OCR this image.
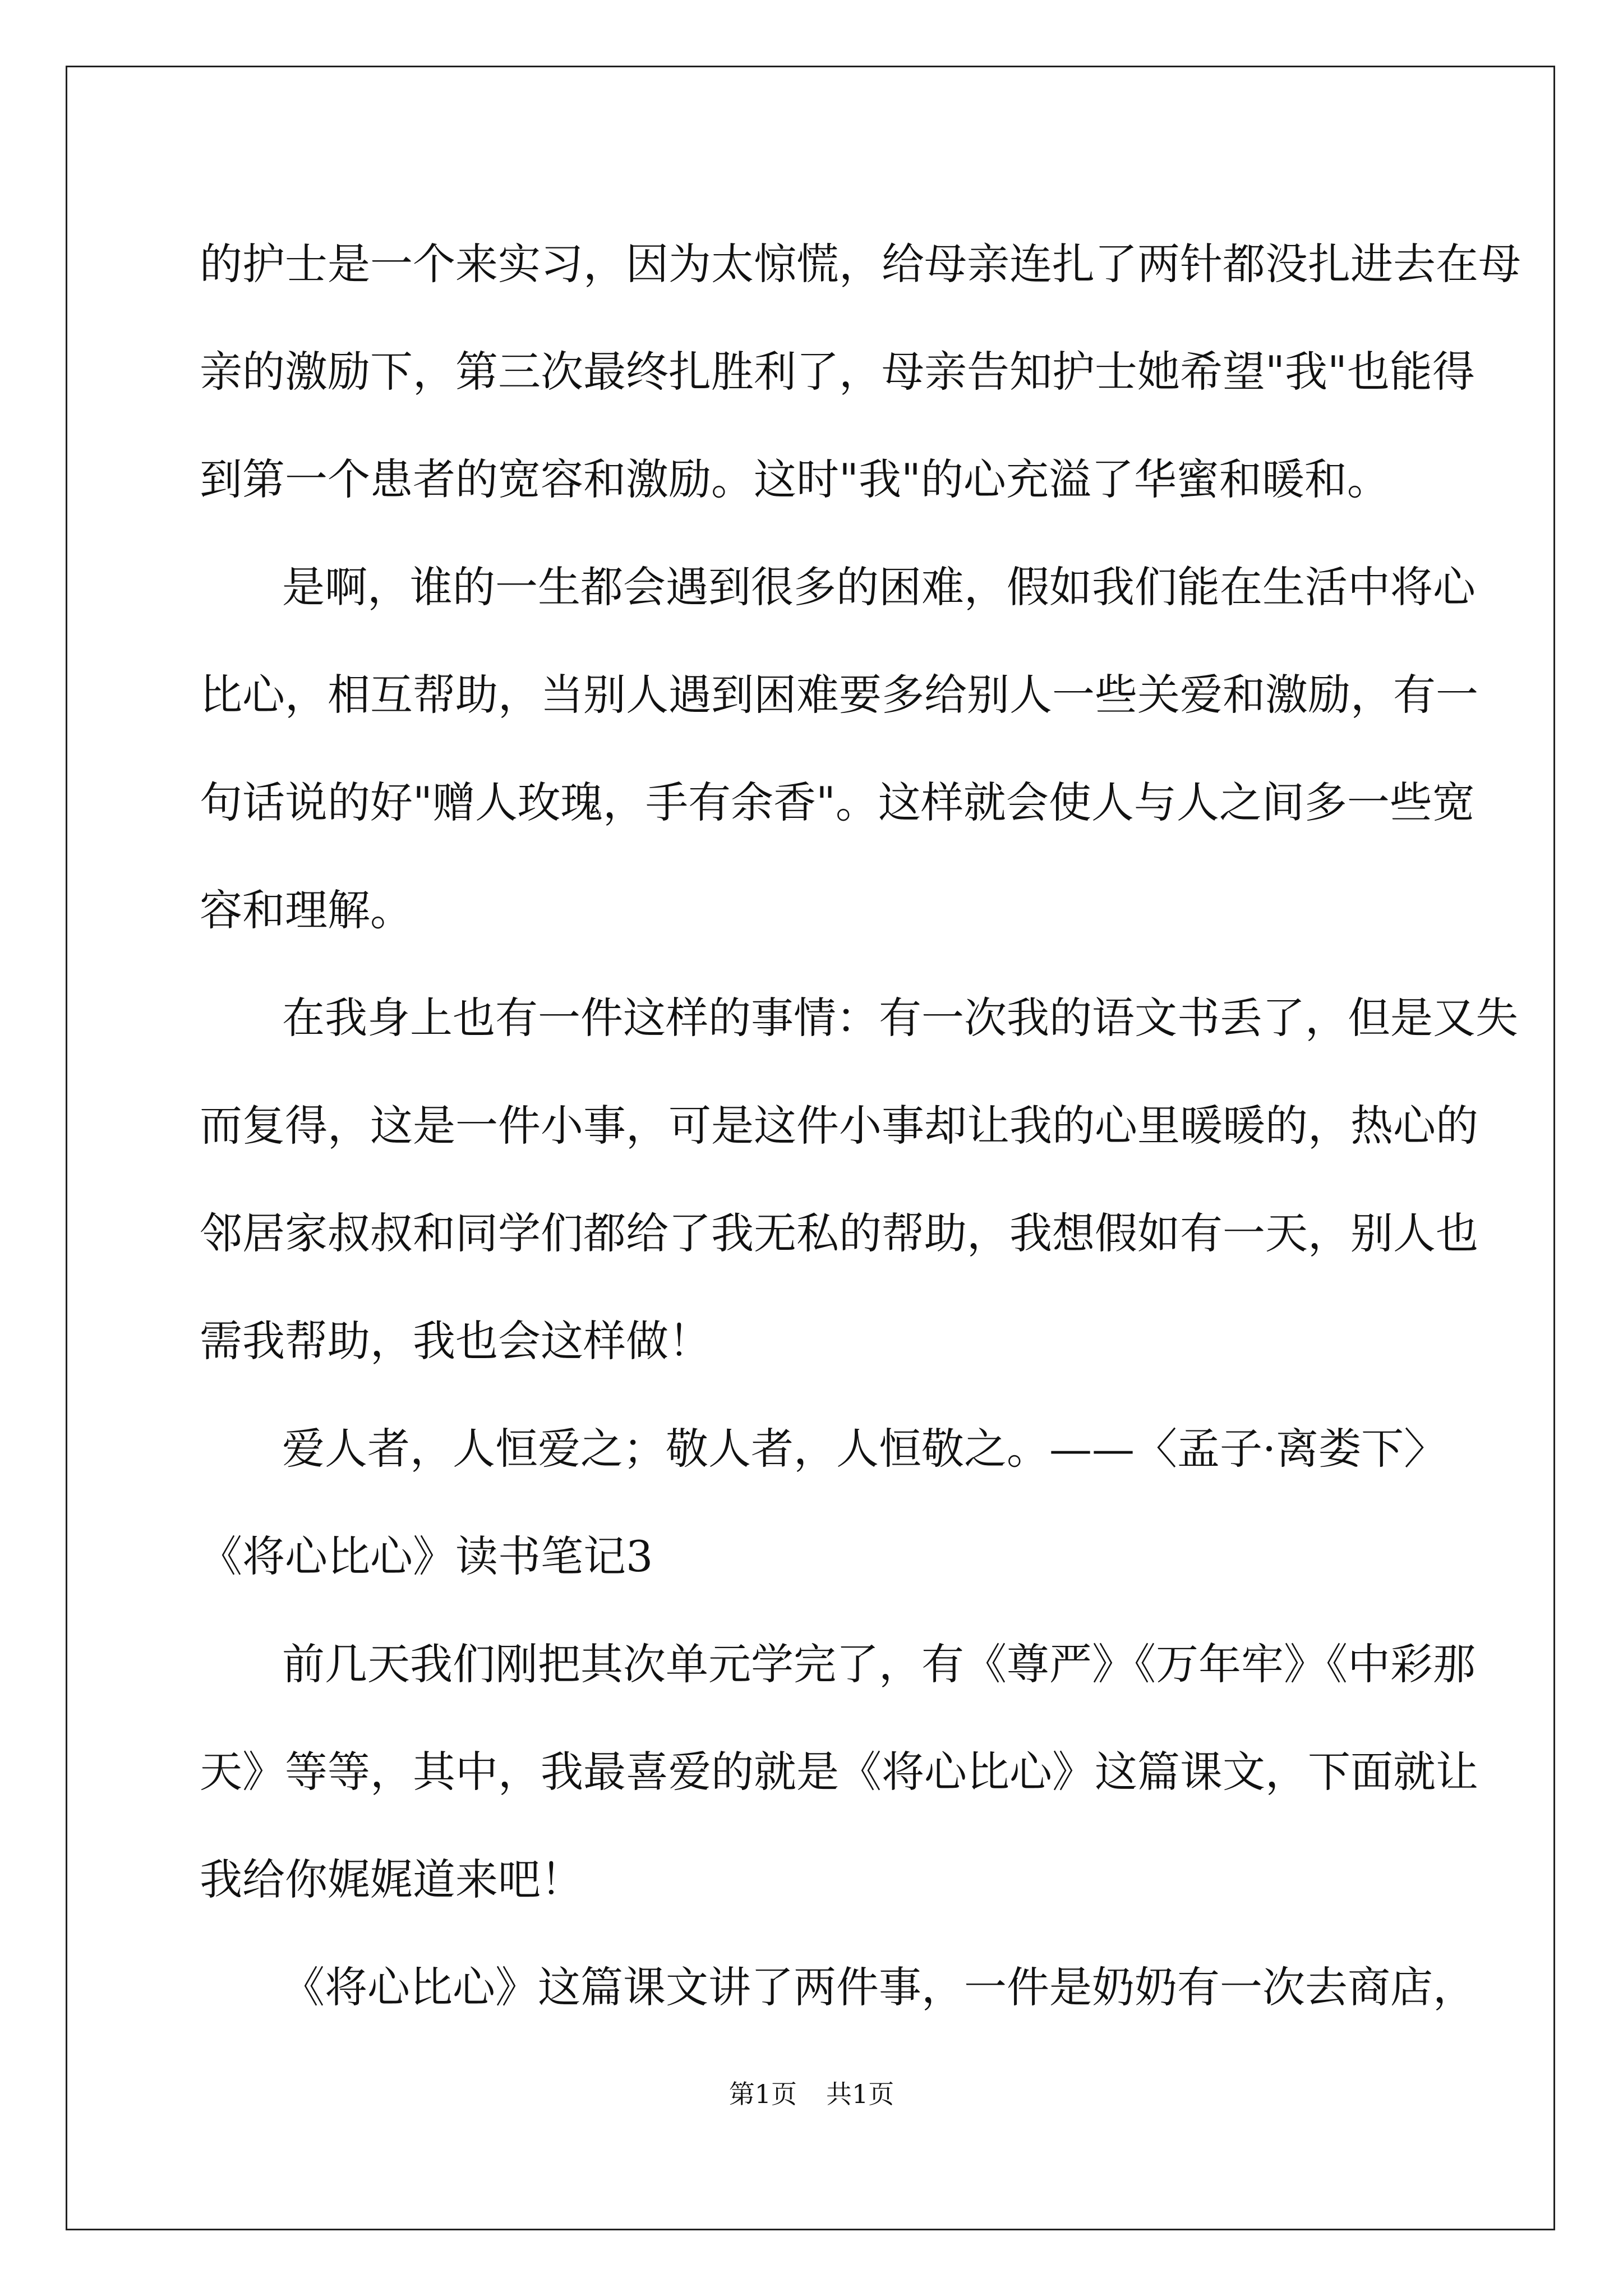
的护士是一个来实习，因为太惊慌，给母亲连扎了两针都没扎进去在母
亲的激励下，第三次最终扎胜利了，母亲告知护士她希望"我"也能得
到第一个患者的宽容和激励。这时"我"的心充溢了华蜜和暖和。
是啊，谁的一生都会遇到很多的困难，假如我们能在生活中将心
比心，相互帮助，当别人遇到困难要多给别人一些关爱和激励，有一
句话说的好"赠人玫瑰，手有余香"。这样就会使人与人之间多一些宽
容和理解。
在我身上也有一件这样的事情：有一次我的语文书丢了，但是又失
而复得，这是一件小事，可是这件小事却让我的心里暖暖的，热心的
邻居家叔叔和同学们都给了我无私的帮助，我想假如有一天，别人也
需我帮助，我也会这样做！
爱人者，人恒爱之；敬人者，人恒敬之。——〈孟子·离娄下〉
《将心比心》读书笔记3
前几天我们刚把其次单元学完了，有《尊严》《万年牢》《中彩那
天》等等，其中，我最喜爱的就是《将心比心》这篇课文，下面就让
我给你娓娓道来吧！
《将心比心》这篇课文讲了两件事，一件是奶奶有一次去商店，
第1页 共1页
